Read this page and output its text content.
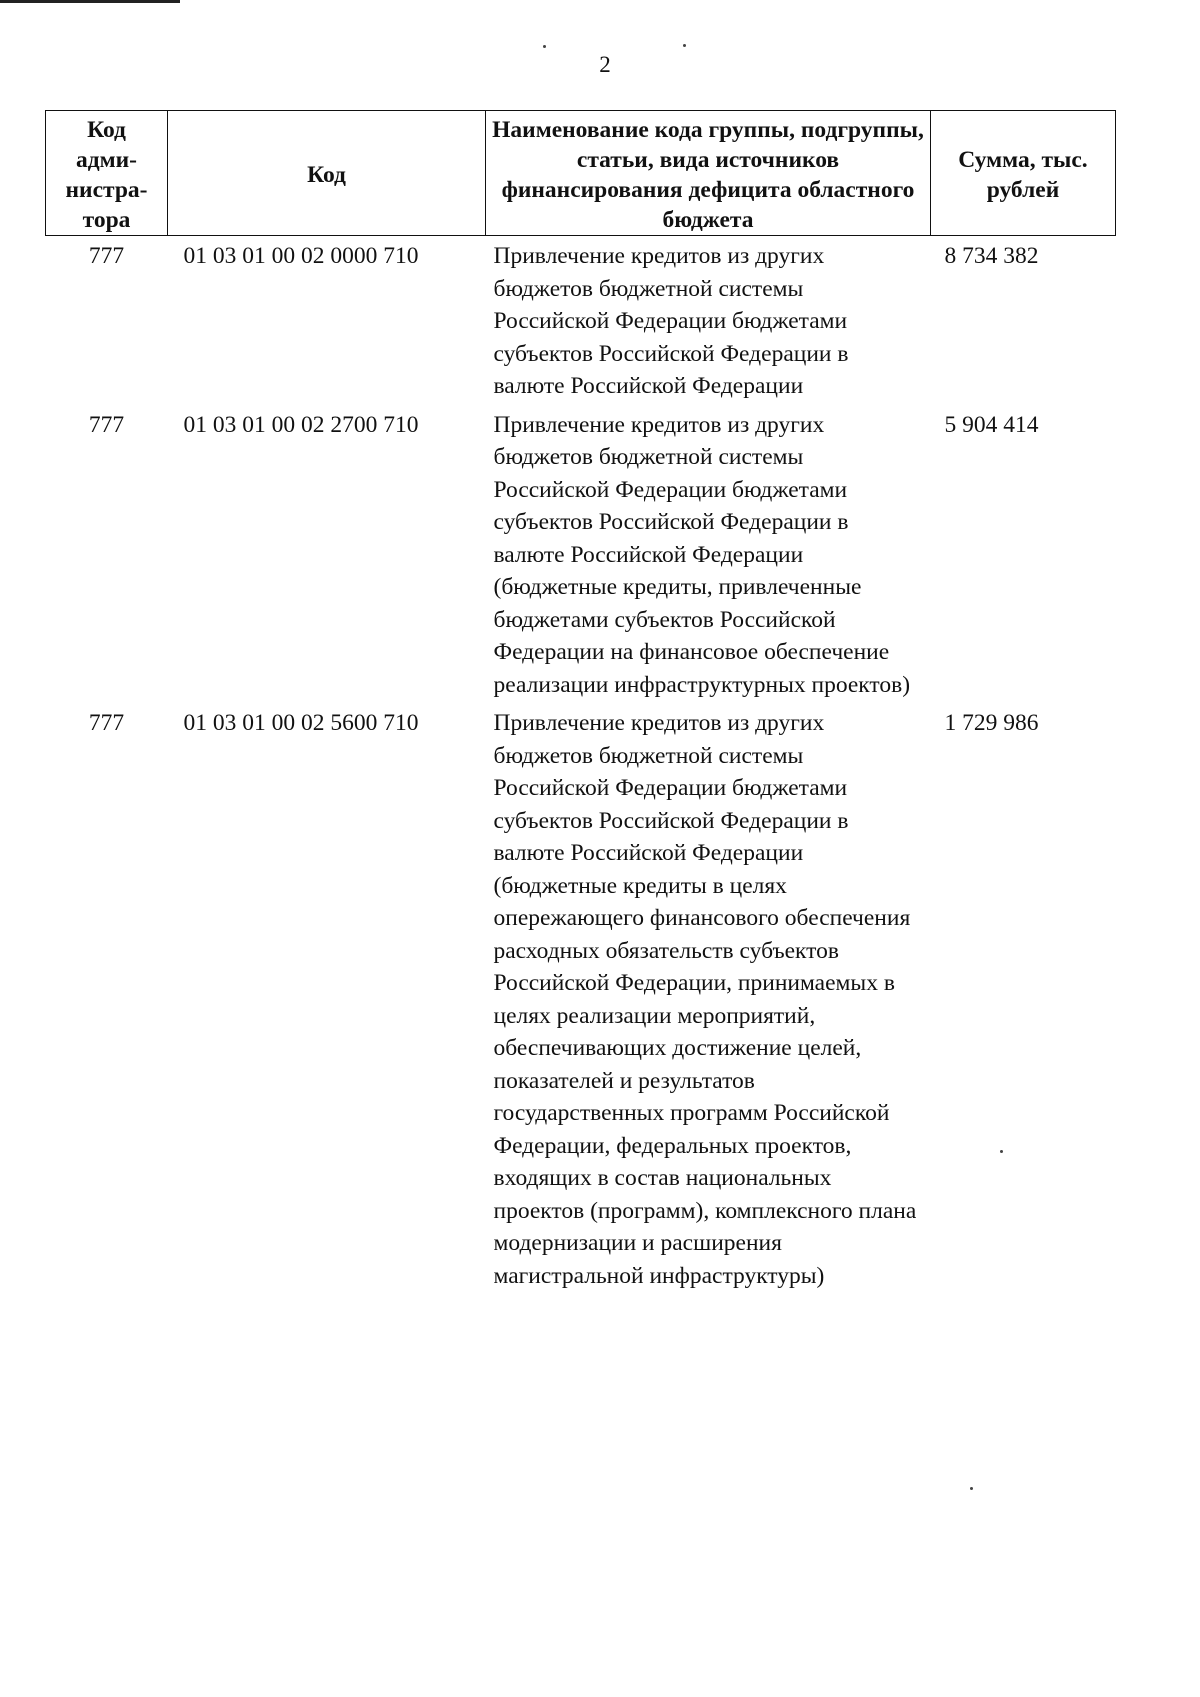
2
Код адми-нистра-тора	Код	Наименование кода группы, подгруппы, статьи, вида источников финансирования дефицита областного бюджета	Сумма, тыс. рублей
777	01 03 01 00 02 0000 710	Привлечение кредитов из других бюджетов бюджетной системы Российской Федерации бюджетами субъектов Российской Федерации в валюте Российской Федерации	8 734 382
777	01 03 01 00 02 2700 710	Привлечение кредитов из других бюджетов бюджетной системы Российской Федерации бюджетами субъектов Российской Федерации в валюте Российской Федерации (бюджетные кредиты, привлеченные бюджетами субъектов Российской Федерации на финансовое обеспечение реализации инфраструктурных проектов)	5 904 414
777	01 03 01 00 02 5600 710	Привлечение кредитов из других бюджетов бюджетной системы Российской Федерации бюджетами субъектов Российской Федерации в валюте Российской Федерации (бюджетные кредиты в целях опережающего финансового обеспечения расходных обязательств субъектов Российской Федерации, принимаемых в целях реализации мероприятий, обеспечивающих достижение целей, показателей и результатов государственных программ Российской Федерации, федеральных проектов, входящих в состав национальных проектов (программ), комплексного плана модернизации и расширения магистральной инфраструктуры)	1 729 986
